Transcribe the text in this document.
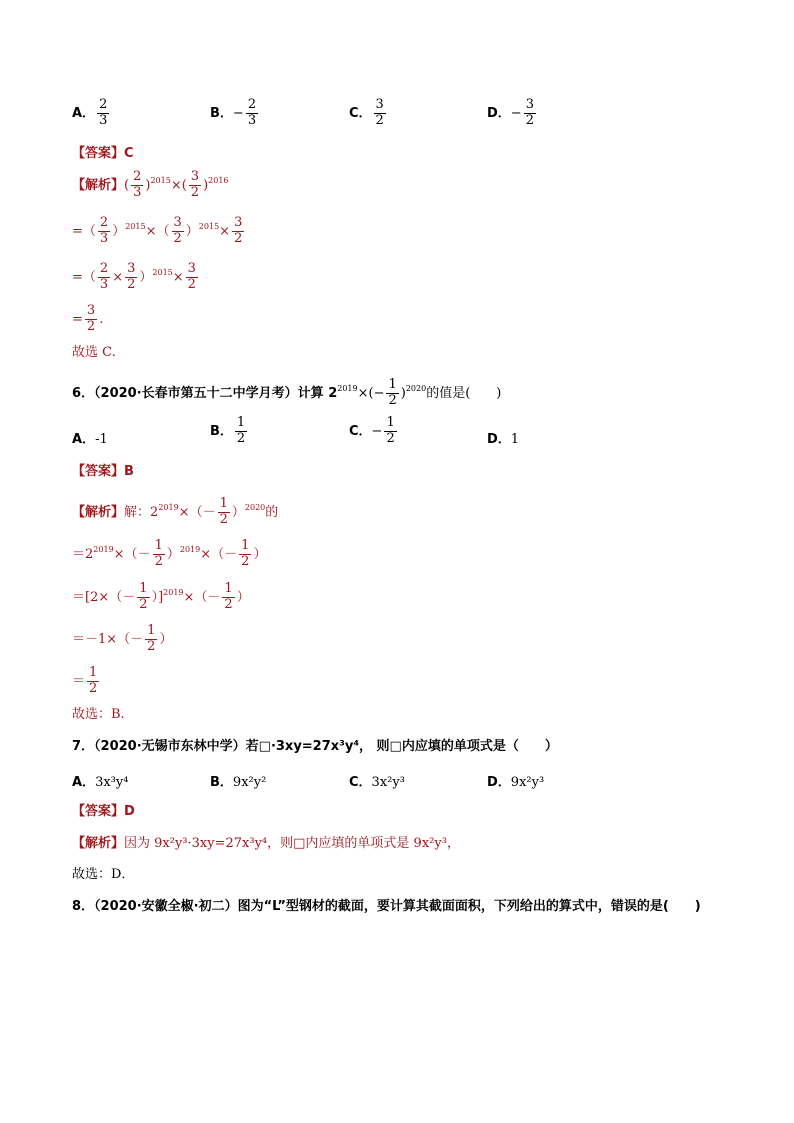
A． $\frac{2}{3}$	B．− $\frac{2}{3}$	C． $\frac{3}{2}$	D．− $\frac{3}{2}$
【答案】C
【解析】( $\frac{2}{3} )^{2015}\times( \frac{3}{2} )^{2016}$
=（ $\frac{2}{3} )^{2015}\times( \frac{3}{2} )^{2015}\times \frac{3}{2}$
=（ $\frac{2}{3} \times \frac{3}{2} )^{2015}\times \frac{3}{2}$
= $\frac{3}{2}$ .
故选 C.
6．（2020·长春市第五十二中学月考）计算 $2^{2019}\times(- \frac{1}{2} )^{2020}$的值是(　　)
A．-1
B． $\frac{1}{2}$	C．− $\frac{1}{2}$	D．1
【答案】B
【解析】解：$2^{2019}\times(- \frac{1}{2} )^{2020}$的
$=2^{2019}\times(- \frac{1}{2} )^{2019}\times(- \frac{1}{2}$ ）
$=[2\times(- \frac{1}{2} )]^{2019}\times(- \frac{1}{2}$ ）
$=-1\times(- \frac{1}{2}$ ）
＝ $\frac{1}{2}$
故选：B.
7．（2020·无锡市东林中学）若□·3xy=27x³y⁴， 则□内应填的单项式是（　　）
A．3x³y⁴	B．9x²y²	C．3x²y³	D．9x²y³
【答案】D
【解析】因为 9x²y³·3xy=27x³y⁴，则□内应填的单项式是 9x²y³，
故选：D．
8．（2020·安徽全椒·初二）图为“L”型钢材的截面，要计算其截面面积，下列给出的算式中，错误的是(　　)
